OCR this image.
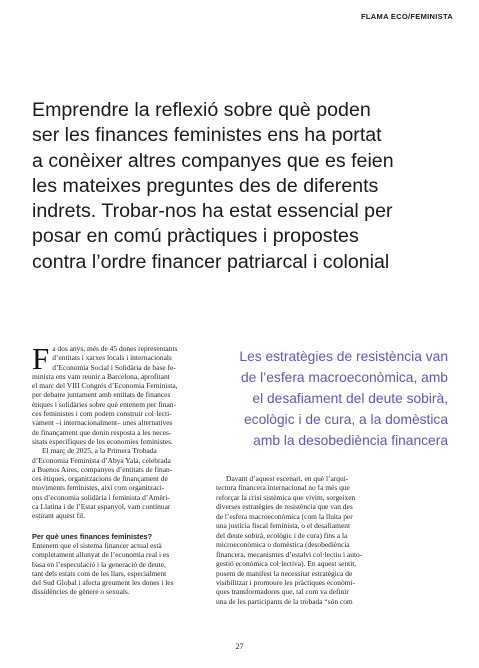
FLAMA ECO/FEMINISTA
Emprendre la reflexió sobre què poden
ser les finances feministes ens ha portat
a conèixer altres companyes que es feien
les mateixes preguntes des de diferents
indrets. Trobar-nos ha estat essencial per
posar en comú pràctiques i propostes
contra l’ordre financer patriarcal i colonial

F a dos anys, més de 45 dones representants
d’entitats i xarxes locals i internacionals
d’Economia Social i Solidària de base fe-
minista ens vam reunir a Barcelona, aprofitant
el marc del VIII Congrés d’Economia Feminista,
per debatre juntament amb entitats de finances
ètiques i solidàries sobre què entenem per finan-
ces feministes i com podem construir col·lecti-
vament –i internacionalment– unes alternatives
de finançament que donin resposta a les neces-
sitats específiques de les economies feministes.

El març de 2025, a la Primera Trobada
d’Economia Feminista d’Abya Yala, celebrada
a Buenos Aires, companyes d’entitats de finan-
ces ètiques, organitzacions de finançament de
moviments feministes, així com organitzaci-
ons d’economia solidària i feminista d’Amèri-
ca Llatina i de l’Estat espanyol, vam continuar
estirant aquest fil.

Per què unes finances feministes?

Entenem que el sistema financer actual està
completament allunyat de l’economia real i es
basa en l’especulació i la generació de deute,
tant dels estats com de les llars, especialment
del Sud Global i afecta greument les dones i les
dissidències de gènere o sexuals.

Les estratègies de resistència van
de l’esfera macroeconòmica, amb
el desafiament del deute sobirà,
ecològic i de cura, a la domèstica
amb la desobediència financera

Davant d’aquest escenari, en què l’arqui-
tectura financera internacional no fa més que
reforçar la crisi sistèmica que vivim, sorgeixen
diverses estratègies de resistència que van des
de l’esfera macroeconòmica (com la lluita per
una justícia fiscal feminista, o el desafiament
del deute sobirà, ecològic i de cura) fins a la
microeconòmica o domèstica (desobediència
financera, mecanismes d’estalvi col·lectiu i auto-
gestió econòmica col·lectiva). En aquest sentit,
posem de manifest la necessitat estratègica de
visibilitzar i promoure les pràctiques econòmi-
ques transformadores que, tal com va definir
una de les participants de la trobada “són com

27
